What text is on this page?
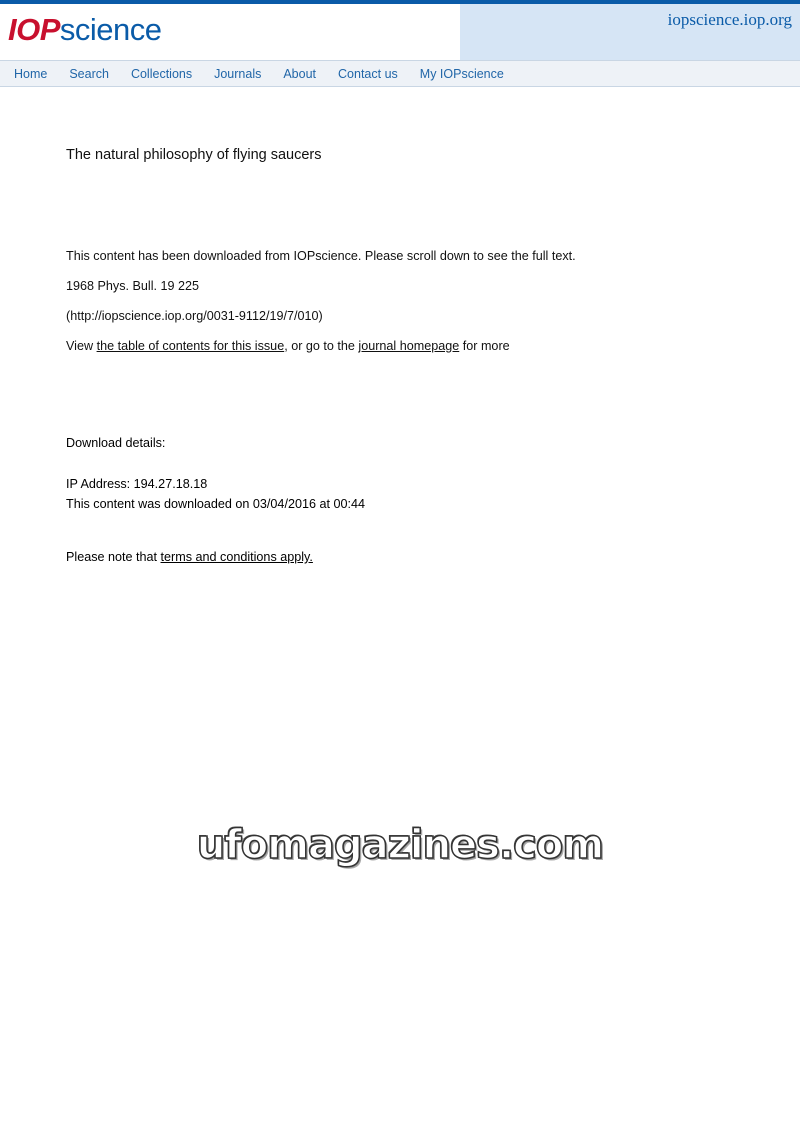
IOPscience	iopscience.iop.org
Home Search Collections Journals About Contact us My IOPscience
The natural philosophy of flying saucers
This content has been downloaded from IOPscience. Please scroll down to see the full text.
1968 Phys. Bull. 19 225
(http://iopscience.iop.org/0031-9112/19/7/010)
View the table of contents for this issue, or go to the journal homepage for more
Download details:
IP Address: 194.27.18.18
This content was downloaded on 03/04/2016 at 00:44
Please note that terms and conditions apply.
ufomagazines.com
